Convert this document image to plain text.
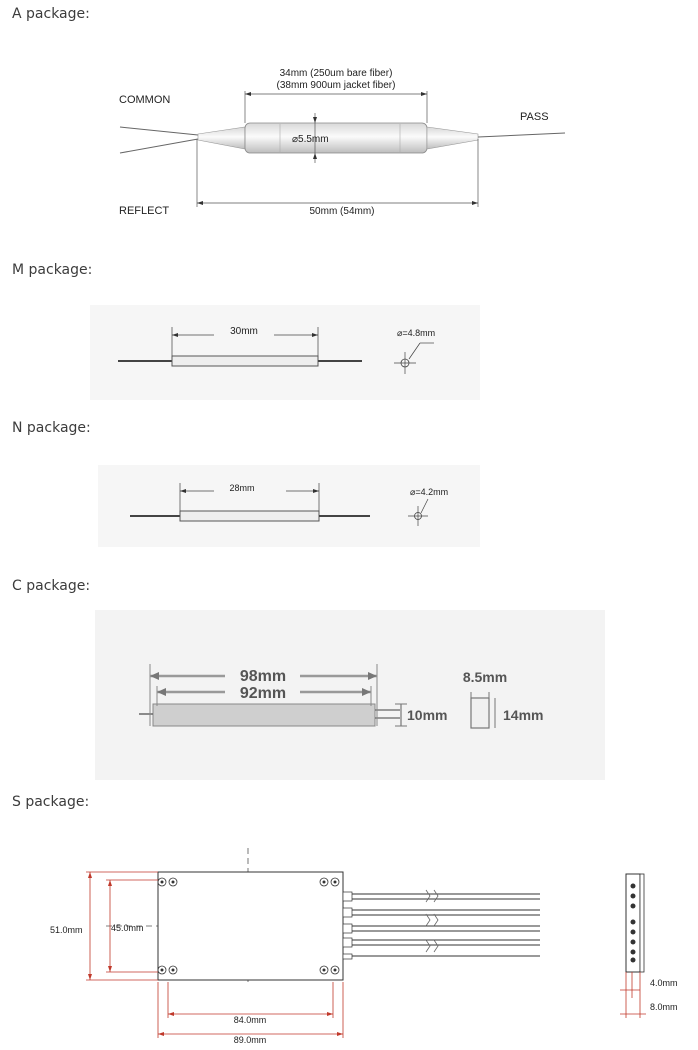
A package:
COMMON
REFLECT
PASS
34mm (250um bare fiber)
(38mm 900um jacket fiber)
⌀5.5mm
50mm (54mm)
M package:
30mm	⌀=4.8mm
N package:
28mm	⌀=4.2mm
C package:
98mm
92mm
10mm
8.5mm
14mm
S package:
51.0mm	45.0mm
84.0mm
89.0mm
4.0mm
8.0mm
